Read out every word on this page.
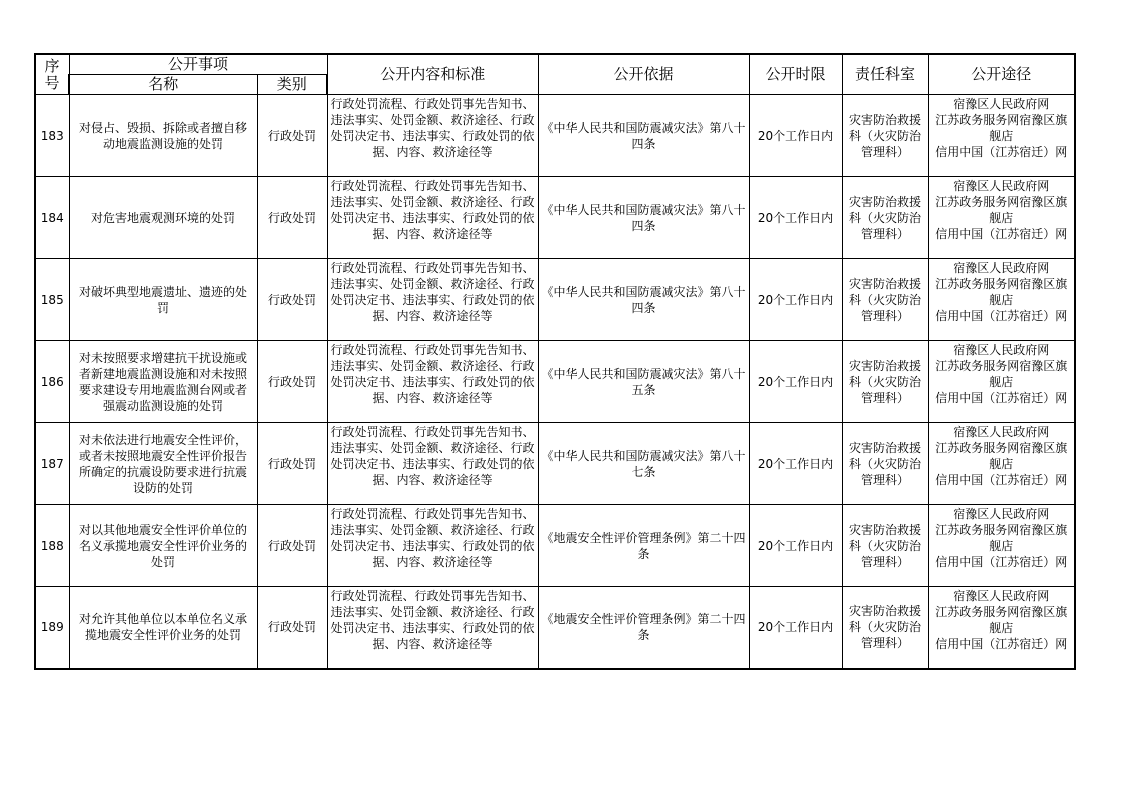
序号	公开事项		公开内容和标准	公开依据	公开时限	责任科室	公开途径
	名称	类别					
183	对侵占、毁损、拆除或者擅自移动地震监测设施的处罚	行政处罚	行政处罚流程、行政处罚事先告知书、违法事实、处罚金额、救济途径、行政处罚决定书、违法事实、行政处罚的依据、内容、救济途径等	《中华人民共和国防震减灾法》第八十四条	20个工作日内	灾害防治救援科（火灾防治管理科）	宿豫区人民政府网
江苏政务服务网宿豫区旗舰店
信用中国（江苏宿迁）网
184	对危害地震观测环境的处罚	行政处罚	行政处罚流程、行政处罚事先告知书、违法事实、处罚金额、救济途径、行政处罚决定书、违法事实、行政处罚的依据、内容、救济途径等	《中华人民共和国防震减灾法》第八十四条	20个工作日内	灾害防治救援科（火灾防治管理科）	宿豫区人民政府网
江苏政务服务网宿豫区旗舰店
信用中国（江苏宿迁）网
185	对破坏典型地震遗址、遗迹的处罚	行政处罚	行政处罚流程、行政处罚事先告知书、违法事实、处罚金额、救济途径、行政处罚决定书、违法事实、行政处罚的依据、内容、救济途径等	《中华人民共和国防震减灾法》第八十四条	20个工作日内	灾害防治救援科（火灾防治管理科）	宿豫区人民政府网
江苏政务服务网宿豫区旗舰店
信用中国（江苏宿迁）网
186	对未按照要求增建抗干扰设施或者新建地震监测设施和对未按照要求建设专用地震监测台网或者强震动监测设施的处罚	行政处罚	行政处罚流程、行政处罚事先告知书、违法事实、处罚金额、救济途径、行政处罚决定书、违法事实、行政处罚的依据、内容、救济途径等	《中华人民共和国防震减灾法》第八十五条	20个工作日内	灾害防治救援科（火灾防治管理科）	宿豫区人民政府网
江苏政务服务网宿豫区旗舰店
信用中国（江苏宿迁）网
187	对未依法进行地震安全性评价，或者未按照地震安全性评价报告所确定的抗震设防要求进行抗震设防的处罚	行政处罚	行政处罚流程、行政处罚事先告知书、违法事实、处罚金额、救济途径、行政处罚决定书、违法事实、行政处罚的依据、内容、救济途径等	《中华人民共和国防震减灾法》第八十七条	20个工作日内	灾害防治救援科（火灾防治管理科）	宿豫区人民政府网
江苏政务服务网宿豫区旗舰店
信用中国（江苏宿迁）网
188	对以其他地震安全性评价单位的名义承揽地震安全性评价业务的处罚	行政处罚	行政处罚流程、行政处罚事先告知书、违法事实、处罚金额、救济途径、行政处罚决定书、违法事实、行政处罚的依据、内容、救济途径等	《地震安全性评价管理条例》第二十四条	20个工作日内	灾害防治救援科（火灾防治管理科）	宿豫区人民政府网
江苏政务服务网宿豫区旗舰店
信用中国（江苏宿迁）网
189	对允许其他单位以本单位名义承揽地震安全性评价业务的处罚	行政处罚	行政处罚流程、行政处罚事先告知书、违法事实、处罚金额、救济途径、行政处罚决定书、违法事实、行政处罚的依据、内容、救济途径等	《地震安全性评价管理条例》第二十四条	20个工作日内	灾害防治救援科（火灾防治管理科）	宿豫区人民政府网
江苏政务服务网宿豫区旗舰店
信用中国（江苏宿迁）网
